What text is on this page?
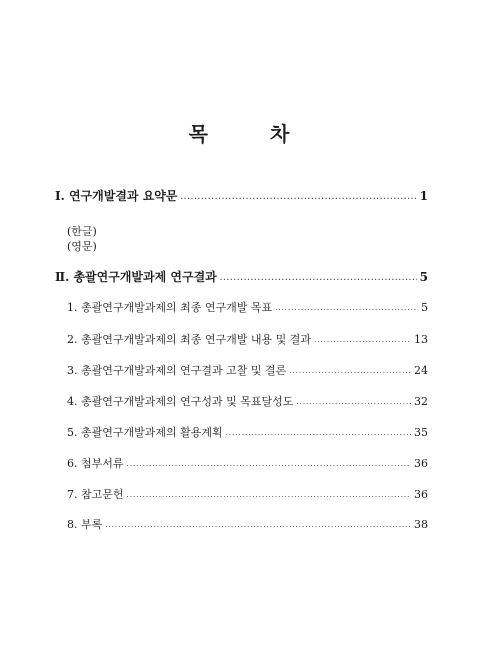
목	차
Ⅰ. 연구개발결과 요약문 .....	1
(한글)
(영문)
Ⅱ. 총괄연구개발과제 연구결과 .....	5
1. 총괄연구개발과제의 최종 연구개발 목표 .....	5
2. 총괄연구개발과제의 최종 연구개발 내용 및 결과 .....	13
3. 총괄연구개발과제의 연구결과 고찰 및 결론 .....	24
4. 총괄연구개발과제의 연구성과 및 목표달성도 .....	32
5. 총괄연구개발과제의 활용계획 .....	35
6. 첨부서류 .....	36
7. 참고문헌 .....	36
8. 부록 .....	38
